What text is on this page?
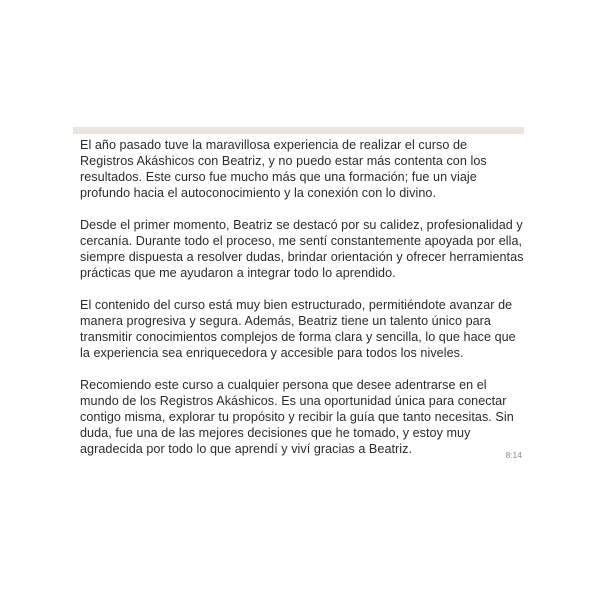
El año pasado tuve la maravillosa experiencia de realizar el curso de Registros Akáshicos con Beatriz, y no puedo estar más contenta con los resultados. Este curso fue mucho más que una formación; fue un viaje profundo hacia el autoconocimiento y la conexión con lo divino.

Desde el primer momento, Beatriz se destacó por su calidez, profesionalidad y cercanía. Durante todo el proceso, me sentí constantemente apoyada por ella, siempre dispuesta a resolver dudas, brindar orientación y ofrecer herramientas prácticas que me ayudaron a integrar todo lo aprendido.

El contenido del curso está muy bien estructurado, permitiéndote avanzar de manera progresiva y segura. Además, Beatriz tiene un talento único para transmitir conocimientos complejos de forma clara y sencilla, lo que hace que la experiencia sea enriquecedora y accesible para todos los niveles.

Recomiendo este curso a cualquier persona que desee adentrarse en el mundo de los Registros Akáshicos. Es una oportunidad única para conectar contigo misma, explorar tu propósito y recibir la guía que tanto necesitas. Sin duda, fue una de las mejores decisiones que he tomado, y estoy muy agradecida por todo lo que aprendí y viví gracias a Beatriz.	8:14
